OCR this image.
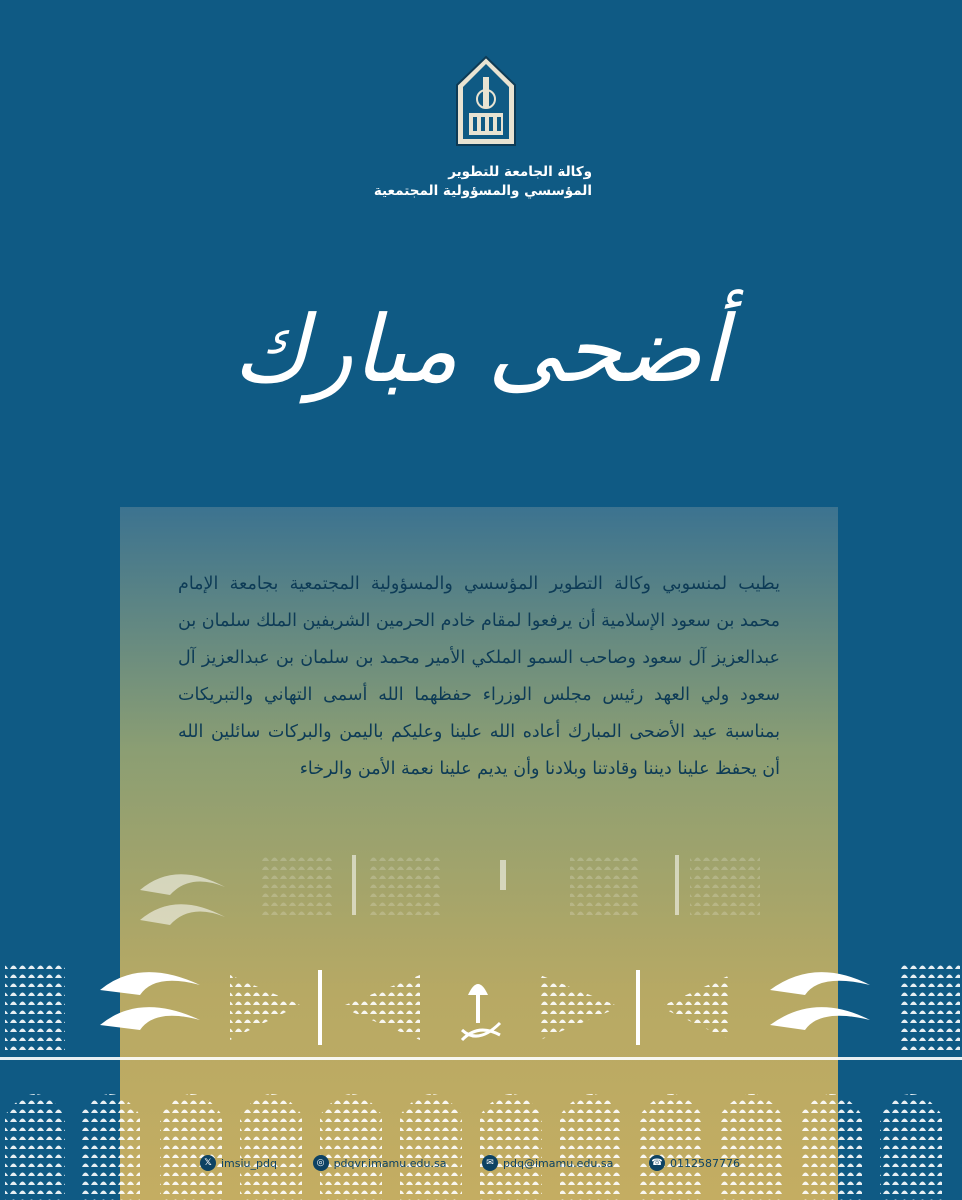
وكالة الجامعة للتطوير
المؤسسي والمسؤولية المجتمعية
أضحى مبارك
يطيب لمنسوبي وكالة التطوير المؤسسي والمسؤولية المجتمعية بجامعة الإمام محمد بن سعود الإسلامية أن يرفعوا لمقام خادم الحرمين الشريفين الملك سلمان بن عبدالعزيز آل سعود وصاحب السمو الملكي الأمير محمد بن سلمان بن عبدالعزيز آل سعود ولي العهد رئيس مجلس الوزراء حفظهما الله أسمى التهاني والتبريكات بمناسبة عيد الأضحى المبارك أعاده الله علينا وعليكم باليمن والبركات سائلين الله أن يحفظ علينا ديننا وقادتنا وبلادنا وأن يديم علينا نعمة الأمن والرخاء
𝕏 imsiu_pdq	◎ pdqvr.imamu.edu.sa	✉ pdq@imamu.edu.sa	☎ 0112587776
